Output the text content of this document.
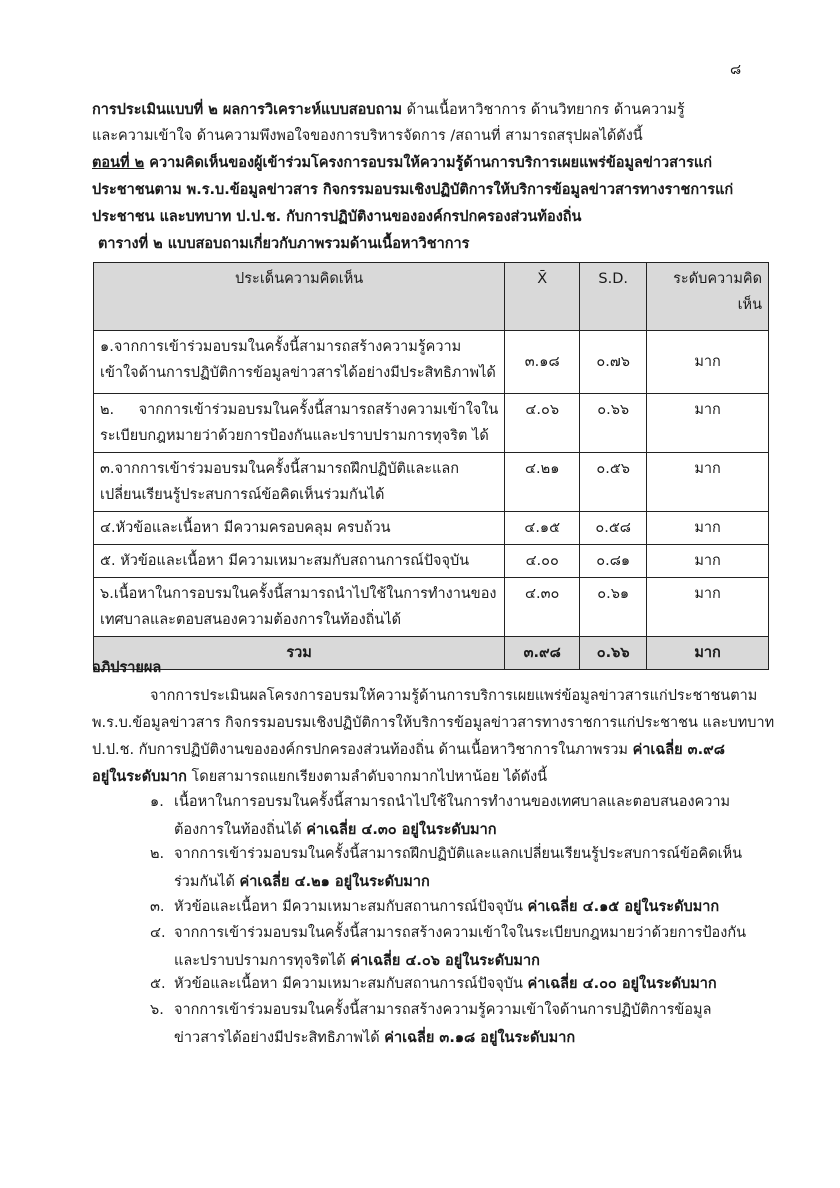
๘
การประเมินแบบที่ ๒ ผลการวิเคราะห์แบบสอบถาม ด้านเนื้อหาวิชาการ ด้านวิทยากร ด้านความรู้
และความเข้าใจ ด้านความพึงพอใจของการบริหารจัดการ /สถานที่ สามารถสรุปผลได้ดังนี้
ตอนที่ ๒ ความคิดเห็นของผู้เข้าร่วมโครงการอบรมให้ความรู้ด้านการบริการเผยแพร่ข้อมูลข่าวสารแก่
ประชาชนตาม พ.ร.บ.ข้อมูลข่าวสาร กิจกรรมอบรมเชิงปฏิบัติการให้บริการข้อมูลข่าวสารทางราชการแก่
ประชาชน และบทบาท ป.ป.ช. กับการปฏิบัติงานขององค์กรปกครองส่วนท้องถิ่น
ตารางที่ ๒ แบบสอบถามเกี่ยวกับภาพรวมด้านเนื้อหาวิชาการ
ประเด็นความคิดเห็น	X̄	S.D.	ระดับความคิดเห็น
๑.จากการเข้าร่วมอบรมในครั้งนี้สามารถสร้างความรู้ความเข้าใจด้านการปฏิบัติการข้อมูลข่าวสารได้อย่างมีประสิทธิภาพได้	๓.๑๘	๐.๗๖	มาก
๒. จากการเข้าร่วมอบรมในครั้งนี้สามารถสร้างความเข้าใจในระเบียบกฎหมายว่าด้วยการป้องกันและปราบปรามการทุจริต ได้	๔.๐๖	๐.๖๖	มาก
๓.จากการเข้าร่วมอบรมในครั้งนี้สามารถฝึกปฏิบัติและแลกเปลี่ยนเรียนรู้ประสบการณ์ข้อคิดเห็นร่วมกันได้	๔.๒๑	๐.๕๖	มาก
๔.หัวข้อและเนื้อหา มีความครอบคลุม ครบถ้วน	๔.๑๕	๐.๕๘	มาก
๕. หัวข้อและเนื้อหา มีความเหมาะสมกับสถานการณ์ปัจจุบัน	๔.๐๐	๐.๘๑	มาก
๖.เนื้อหาในการอบรมในครั้งนี้สามารถนำไปใช้ในการทำงานของเทศบาลและตอบสนองความต้องการในท้องถิ่นได้	๔.๓๐	๐.๖๑	มาก
รวม	๓.๙๘	๐.๖๖	มาก
อภิปรายผล
จากการประเมินผลโครงการอบรมให้ความรู้ด้านการบริการเผยแพร่ข้อมูลข่าวสารแก่ประชาชนตาม
พ.ร.บ.ข้อมูลข่าวสาร กิจกรรมอบรมเชิงปฏิบัติการให้บริการข้อมูลข่าวสารทางราชการแก่ประชาชน และบทบาท
ป.ป.ช. กับการปฏิบัติงานขององค์กรปกครองส่วนท้องถิ่น ด้านเนื้อหาวิชาการในภาพรวม ค่าเฉลี่ย ๓.๙๘
อยู่ในระดับมาก โดยสามารถแยกเรียงตามลำดับจากมากไปหาน้อย ได้ดังนี้
๑. เนื้อหาในการอบรมในครั้งนี้สามารถนำไปใช้ในการทำงานของเทศบาลและตอบสนองความต้องการในท้องถิ่นได้ ค่าเฉลี่ย ๔.๓๐ อยู่ในระดับมาก
๒. จากการเข้าร่วมอบรมในครั้งนี้สามารถฝึกปฏิบัติและแลกเปลี่ยนเรียนรู้ประสบการณ์ข้อคิดเห็นร่วมกันได้ ค่าเฉลี่ย ๔.๒๑ อยู่ในระดับมาก
๓. หัวข้อและเนื้อหา มีความเหมาะสมกับสถานการณ์ปัจจุบัน ค่าเฉลี่ย ๔.๑๕ อยู่ในระดับมาก
๔. จากการเข้าร่วมอบรมในครั้งนี้สามารถสร้างความเข้าใจในระเบียบกฎหมายว่าด้วยการป้องกันและปราบปรามการทุจริตได้ ค่าเฉลี่ย ๔.๐๖ อยู่ในระดับมาก
๕. หัวข้อและเนื้อหา มีความเหมาะสมกับสถานการณ์ปัจจุบัน ค่าเฉลี่ย ๔.๐๐ อยู่ในระดับมาก
๖. จากการเข้าร่วมอบรมในครั้งนี้สามารถสร้างความรู้ความเข้าใจด้านการปฏิบัติการข้อมูลข่าวสารได้อย่างมีประสิทธิภาพได้ ค่าเฉลี่ย ๓.๑๘ อยู่ในระดับมาก
